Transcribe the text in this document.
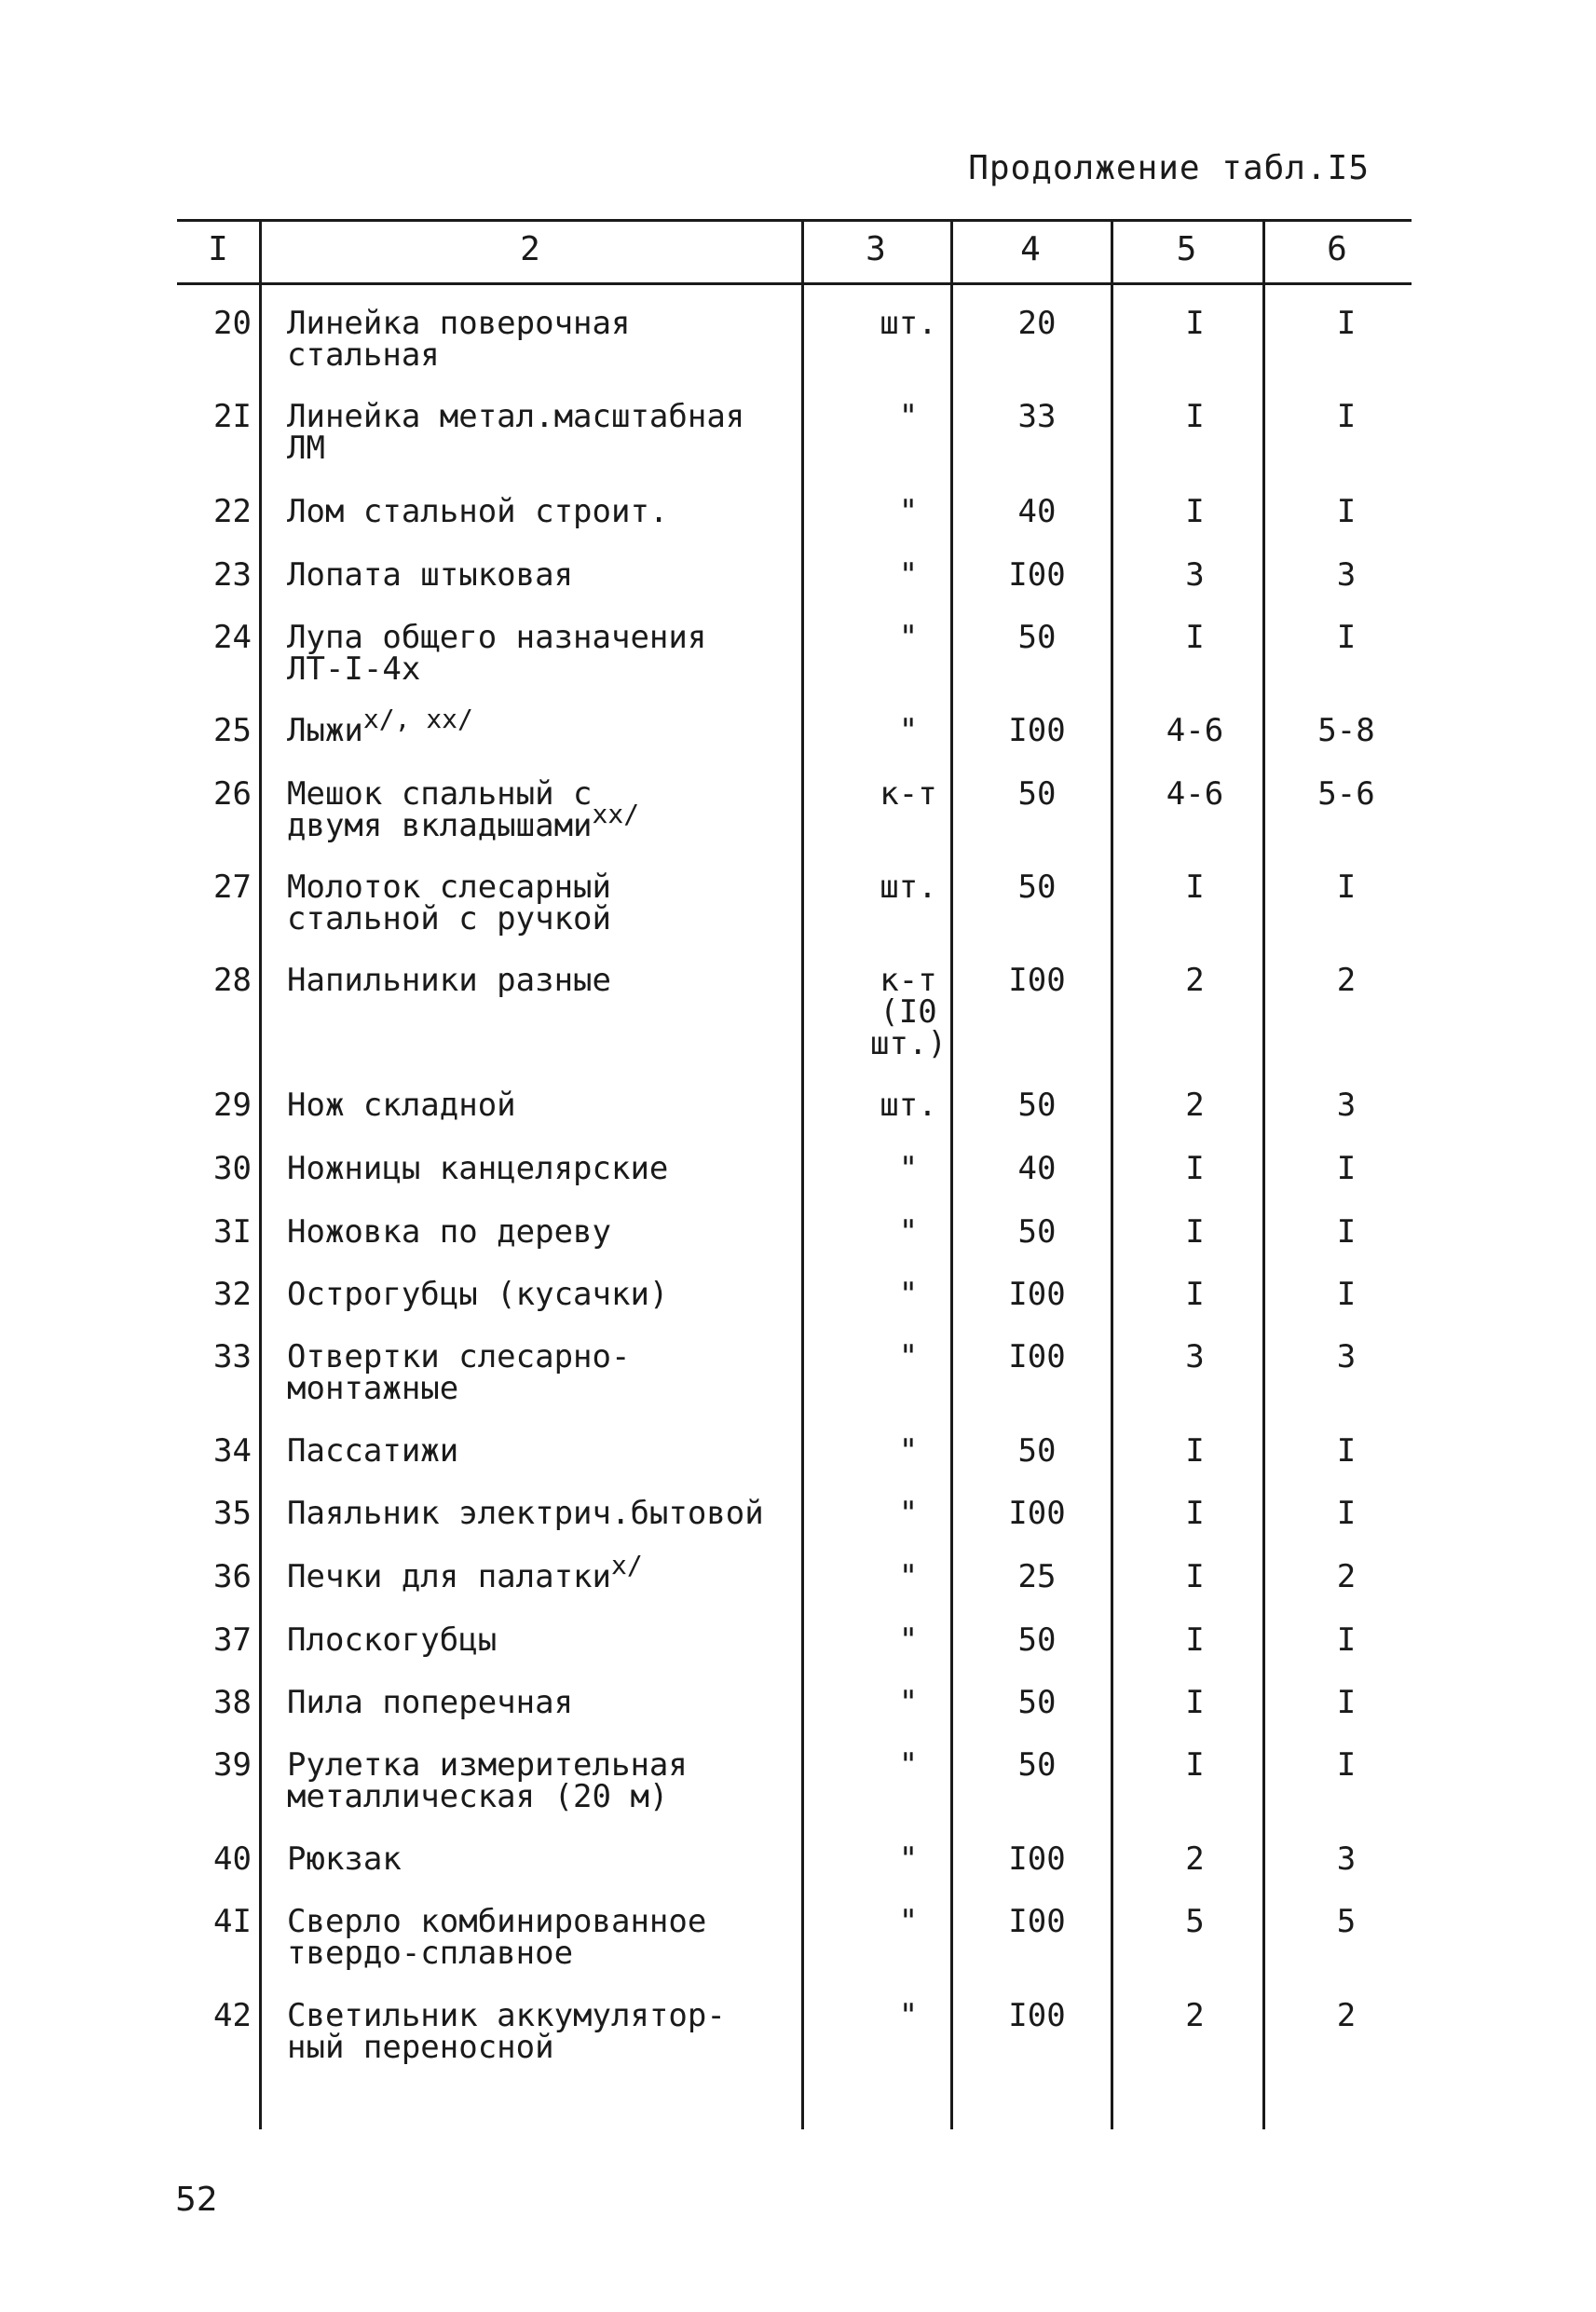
Продолжение табл.I5
I	2	3	4	5	6
20 Линейка поверочная
стальная
шт.	20	I	I
2I Линейка метал.масштабная
ЛМ
"	33	I	I
22 Лом стальной строит.	"	40	I	I
23 Лопата штыковая	"	I00	3	3
24 Лупа общего назначения
ЛТ-I-4x
"	50	I	I
25 Лыжи$^{x/, xx/}$	"	I00	4-6	5-8
26 Мешок спальный с
двумя вкладышами$^{xx/}$
к-т	50	4-6	5-6
27 Молоток слесарный
стальной с ручкой
шт.	50	I	I
28 Напильники разные	к-т
(I0
шт.)
I00	2	2
29 Нож складной	шт.	50	2	3
30 Ножницы канцелярские	"	40	I	I
3I Ножовка по дереву	"	50	I	I
32 Острогубцы (кусачки)	"	I00	I	I
33 Отвертки слесарно-
монтажные
"	I00	3	3
34 Пассатижи	"	50	I	I
35 Паяльник электрич.бытовой	"	I00	I	I
36 Печки для палатки$^{x/}$	"	25	I	2
37 Плоскогубцы	"	50	I	I
38 Пила поперечная	"	50	I	I
39 Рулетка измерительная
металлическая (20 м)
"	50	I	I
40 Рюкзак	"	I00	2	3
4I Сверло комбинированное
твердо-сплавное
"	I00	5	5
42 Светильник аккумулятор-
ный переносной
"	I00	2	2
52
